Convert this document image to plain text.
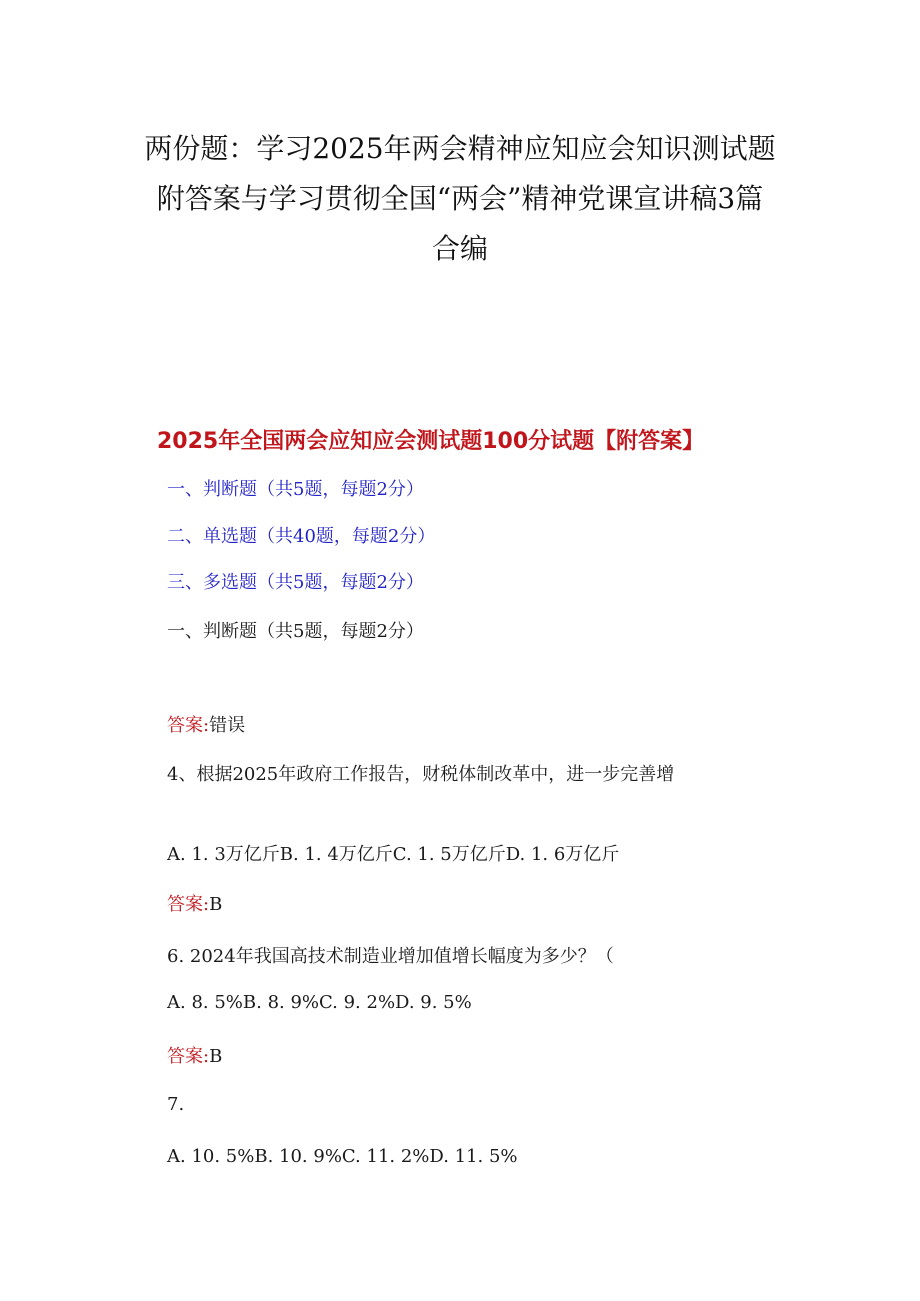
两份题：学习2025年两会精神应知应会知识测试题
附答案与学习贯彻全国“两会”精神党课宣讲稿3篇
合编
2025年全国两会应知应会测试题100分试题【附答案】

一、判断题（共5题，每题2分）

二、单选题（共40题，每题2分）

三、多选题（共5题，每题2分）

一、判断题（共5题，每题2分）

答案:错误

4、根据2025年政府工作报告，财税体制改革中，进一步完善增

A. 1. 3万亿斤B. 1. 4万亿斤C. 1. 5万亿斤D. 1. 6万亿斤

答案:B

6. 2024年我国高技术制造业增加值增长幅度为多少？（

A. 8. 5%B. 8. 9%C. 9. 2%D. 9. 5%

答案:B

7.

A. 10. 5%B. 10. 9%C. 11. 2%D. 11. 5%
